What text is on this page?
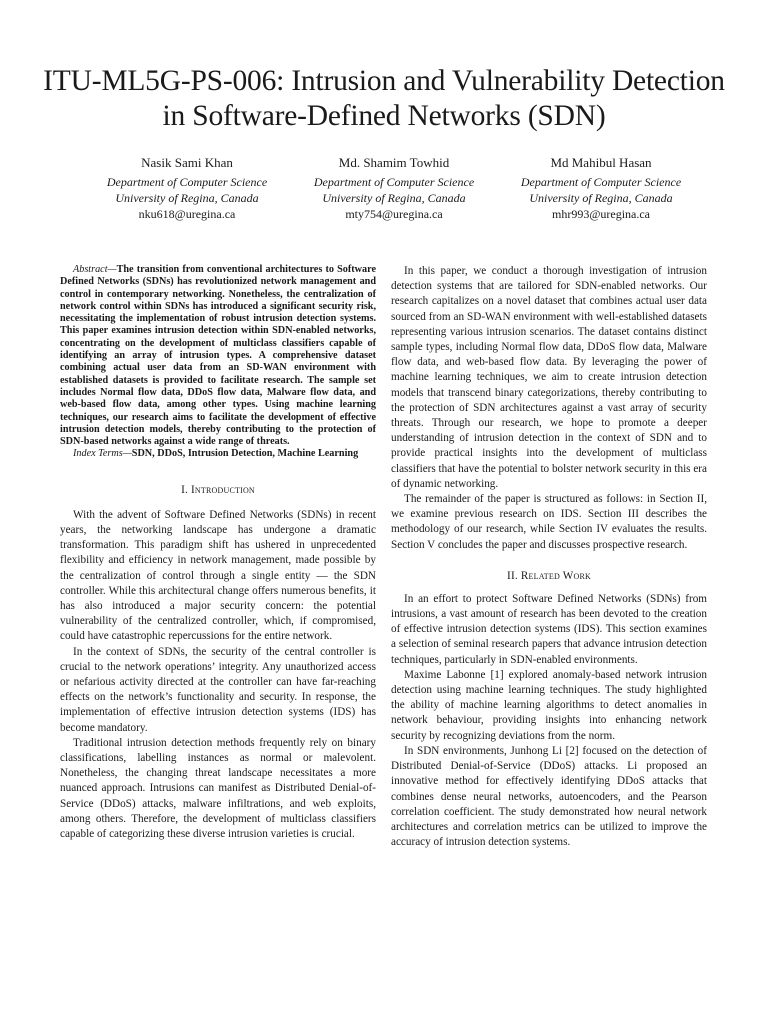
ITU-ML5G-PS-006: Intrusion and Vulnerability Detection in Software-Defined Networks (SDN)
Nasik Sami Khan
Department of Computer Science
University of Regina, Canada
nku618@uregina.ca
Md. Shamim Towhid
Department of Computer Science
University of Regina, Canada
mty754@uregina.ca
Md Mahibul Hasan
Department of Computer Science
University of Regina, Canada
mhr993@uregina.ca

Abstract—The transition from conventional architectures to Software Defined Networks (SDNs) has revolutionized network management and control in contemporary networking. Nonetheless, the centralization of network control within SDNs has introduced a significant security risk, necessitating the implementation of robust intrusion detection systems. This paper examines intrusion detection within SDN-enabled networks, concentrating on the development of multiclass classifiers capable of identifying an array of intrusion types. A comprehensive dataset combining actual user data from an SD-WAN environment with established datasets is provided to facilitate research. The sample set includes Normal flow data, DDoS flow data, Malware flow data, and web-based flow data, among other types. Using machine learning techniques, our research aims to facilitate the development of effective intrusion detection models, thereby contributing to the protection of SDN-based networks against a wide range of threats.

Index Terms—SDN, DDoS, Intrusion Detection, Machine Learning

I. Introduction

With the advent of Software Defined Networks (SDNs) in recent years, the networking landscape has undergone a dramatic transformation. This paradigm shift has ushered in unprecedented flexibility and efficiency in network management, made possible by the centralization of control through a single entity — the SDN controller. While this architectural change offers numerous benefits, it has also introduced a major security concern: the potential vulnerability of the centralized controller, which, if compromised, could have catastrophic repercussions for the entire network.

In the context of SDNs, the security of the central controller is crucial to the network operations’ integrity. Any unauthorized access or nefarious activity directed at the controller can have far-reaching effects on the network’s functionality and security. In response, the implementation of effective intrusion detection systems (IDS) has become mandatory.

Traditional intrusion detection methods frequently rely on binary classifications, labelling instances as normal or malevolent. Nonetheless, the changing threat landscape necessitates a more nuanced approach. Intrusions can manifest as Distributed Denial-of-Service (DDoS) attacks, malware infiltrations, and web exploits, among others. Therefore, the development of multiclass classifiers capable of categorizing these diverse intrusion varieties is crucial.

In this paper, we conduct a thorough investigation of intrusion detection systems that are tailored for SDN-enabled networks. Our research capitalizes on a novel dataset that combines actual user data sourced from an SD-WAN environment with well-established datasets representing various intrusion scenarios. The dataset contains distinct sample types, including Normal flow data, DDoS flow data, Malware flow data, and web-based flow data. By leveraging the power of machine learning techniques, we aim to create intrusion detection models that transcend binary categorizations, thereby contributing to the protection of SDN architectures against a vast array of security threats. Through our research, we hope to promote a deeper understanding of intrusion detection in the context of SDN and to provide practical insights into the development of multiclass classifiers that have the potential to bolster network security in this era of dynamic networking.

The remainder of the paper is structured as follows: in Section II, we examine previous research on IDS. Section III describes the methodology of our research, while Section IV evaluates the results. Section V concludes the paper and discusses prospective research.

II. Related Work

In an effort to protect Software Defined Networks (SDNs) from intrusions, a vast amount of research has been devoted to the creation of effective intrusion detection systems (IDS). This section examines a selection of seminal research papers that advance intrusion detection techniques, particularly in SDN-enabled environments.

Maxime Labonne [1] explored anomaly-based network intrusion detection using machine learning techniques. The study highlighted the ability of machine learning algorithms to detect anomalies in network behaviour, providing insights into enhancing network security by recognizing deviations from the norm.

In SDN environments, Junhong Li [2] focused on the detection of Distributed Denial-of-Service (DDoS) attacks. Li proposed an innovative method for effectively identifying DDoS attacks that combines dense neural networks, autoencoders, and the Pearson correlation coefficient. The study demonstrated how neural network architectures and correlation metrics can be utilized to improve the accuracy of intrusion detection systems.
